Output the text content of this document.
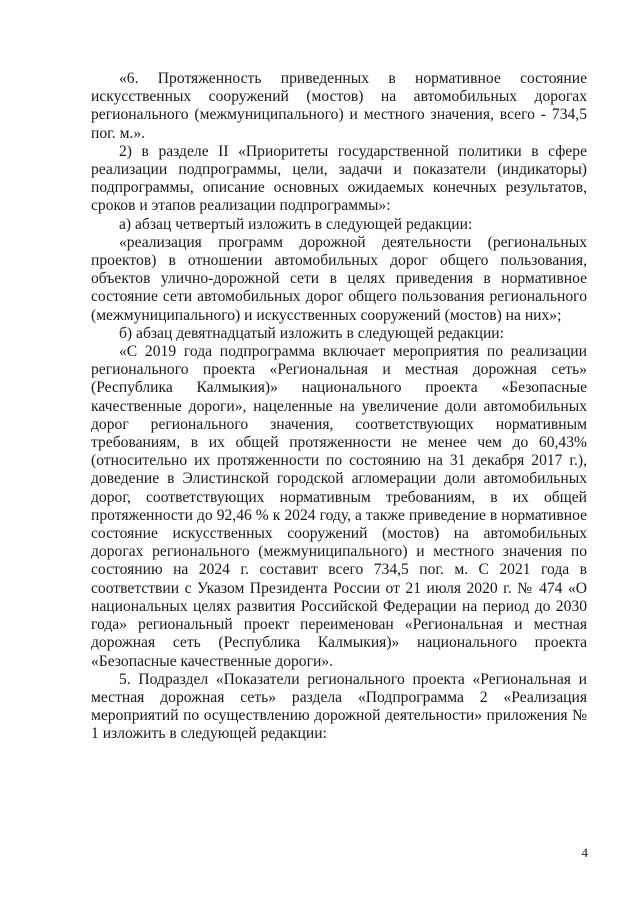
«6. Протяженность приведенных в нормативное состояние искусственных сооружений (мостов) на автомобильных дорогах регионального (межмуниципального) и местного значения, всего - 734,5 пог. м.».

2) в разделе II «Приоритеты государственной политики в сфере реализации подпрограммы, цели, задачи и показатели (индикаторы) подпрограммы, описание основных ожидаемых конечных результатов, сроков и этапов реализации подпрограммы»:

а) абзац четвертый изложить в следующей редакции:

«реализация программ дорожной деятельности (региональных проектов) в отношении автомобильных дорог общего пользования, объектов улично-дорожной сети в целях приведения в нормативное состояние сети автомобильных дорог общего пользования регионального (межмуниципального) и искусственных сооружений (мостов) на них»;

б) абзац девятнадцатый изложить в следующей редакции:

«С 2019 года подпрограмма включает мероприятия по реализации регионального проекта «Региональная и местная дорожная сеть» (Республика Калмыкия)» национального проекта «Безопасные качественные дороги», нацеленные на увеличение доли автомобильных дорог регионального значения, соответствующих нормативным требованиям, в их общей протяженности не менее чем до 60,43% (относительно их протяженности по состоянию на 31 декабря 2017 г.), доведение в Элистинской городской агломерации доли автомобильных дорог, соответствующих нормативным требованиям, в их общей протяженности до 92,46 % к 2024 году, а также приведение в нормативное состояние искусственных сооружений (мостов) на автомобильных дорогах регионального (межмуниципального) и местного значения по состоянию на 2024 г. составит всего 734,5 пог. м. С 2021 года в соответствии с Указом Президента России от 21 июля 2020 г. № 474 «О национальных целях развития Российской Федерации на период до 2030 года» региональный проект переименован «Региональная и местная дорожная сеть (Республика Калмыкия)» национального проекта «Безопасные качественные дороги».

5. Подраздел «Показатели регионального проекта «Региональная и местная дорожная сеть» раздела «Подпрограмма 2 «Реализация мероприятий по осуществлению дорожной деятельности» приложения № 1 изложить в следующей редакции:

4
